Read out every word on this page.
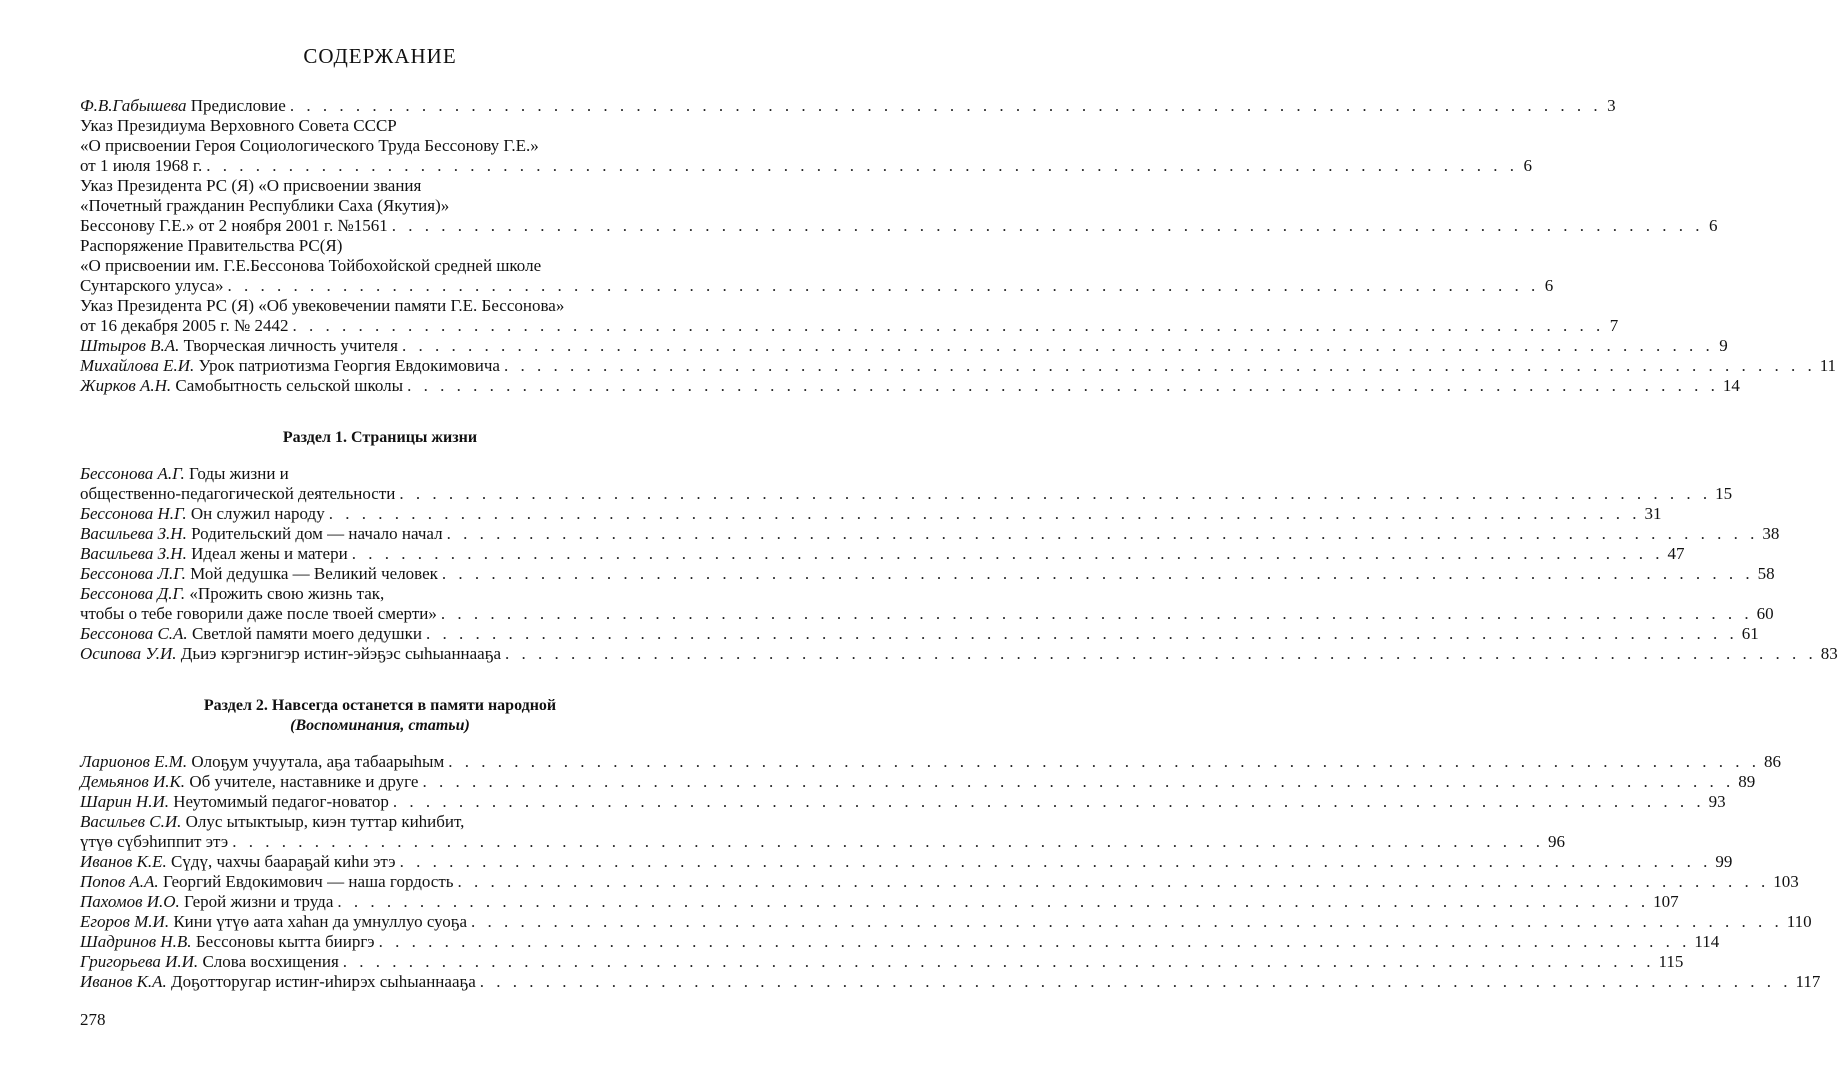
СОДЕРЖАНИЕ
Ф.В.Габышева Предисловие . . . . . . . . . . . . . . . . . . . . . . . . . . . . . . . . . . . . . . . . . . . . . . . . . . . . . . . . . . . . . . . . . . . . . . . . . . . . . . . . 3
Указ Президиума Верховного Совета СССР
«О присвоении Героя Социологического Труда Бессонову Г.Е.»
от 1 июля 1968 г. . . . . . . . . . . . . . . . . . . . . . . . . . . . . . . . . . . . . . . . . . . . . . . . . . . . . . . . . . . . . . . . . . . . . . . . . . . . . . . . . 6
Указ Президента РС (Я) «О присвоении звания
«Почетный гражданин Республики Саха (Якутия)»
Бессонову Г.Е.» от 2 ноября 2001 г. №1561 . . . . . . . . . . . . . . . . . . . . . . . . . . . . . . . . . . . . . . . . . . . . . . . . . . . . . . . . . . . . . . . . . . . . . . . . . . . . . . . . 6
Распоряжение Правительства РС(Я)
«О присвоении им. Г.Е.Бессонова Тойбохойской средней школе
Сунтарского улуса» . . . . . . . . . . . . . . . . . . . . . . . . . . . . . . . . . . . . . . . . . . . . . . . . . . . . . . . . . . . . . . . . . . . . . . . . . . . . . . . . 6
Указ Президента РС (Я) «Об увековечении памяти Г.Е. Бессонова»
от 16 декабря 2005 г. № 2442 . . . . . . . . . . . . . . . . . . . . . . . . . . . . . . . . . . . . . . . . . . . . . . . . . . . . . . . . . . . . . . . . . . . . . . . . . . . . . . . . 7
Штыров В.А. Творческая личность учителя . . . . . . . . . . . . . . . . . . . . . . . . . . . . . . . . . . . . . . . . . . . . . . . . . . . . . . . . . . . . . . . . . . . . . . . . . . . . . . . . 9
Михайлова Е.И. Урок патриотизма Георгия Евдокимовича . . . . . . . . . . . . . . . . . . . . . . . . . . . . . . . . . . . . . . . . . . . . . . . . . . . . . . . . . . . . . . . . . . . . . . . . . . . . . . . . 11
Жирков А.Н. Самобытность сельской школы . . . . . . . . . . . . . . . . . . . . . . . . . . . . . . . . . . . . . . . . . . . . . . . . . . . . . . . . . . . . . . . . . . . . . . . . . . . . . . . . 14
Раздел 1. Страницы жизни
Бессонова А.Г. Годы жизни и
общественно-педагогической деятельности . . . . . . . . . . . . . . . . . . . . . . . . . . . . . . . . . . . . . . . . . . . . . . . . . . . . . . . . . . . . . . . . . . . . . . . . . . . . . . . . 15
Бессонова Н.Г. Он служил народу . . . . . . . . . . . . . . . . . . . . . . . . . . . . . . . . . . . . . . . . . . . . . . . . . . . . . . . . . . . . . . . . . . . . . . . . . . . . . . . . 31
Васильева З.Н. Родительский дом — начало начал . . . . . . . . . . . . . . . . . . . . . . . . . . . . . . . . . . . . . . . . . . . . . . . . . . . . . . . . . . . . . . . . . . . . . . . . . . . . . . . . 38
Васильева З.Н. Идеал жены и матери . . . . . . . . . . . . . . . . . . . . . . . . . . . . . . . . . . . . . . . . . . . . . . . . . . . . . . . . . . . . . . . . . . . . . . . . . . . . . . . . 47
Бессонова Л.Г. Мой дедушка — Великий человек . . . . . . . . . . . . . . . . . . . . . . . . . . . . . . . . . . . . . . . . . . . . . . . . . . . . . . . . . . . . . . . . . . . . . . . . . . . . . . . . 58
Бессонова Д.Г. «Прожить свою жизнь так,
чтобы о тебе говорили даже после твоей смерти» . . . . . . . . . . . . . . . . . . . . . . . . . . . . . . . . . . . . . . . . . . . . . . . . . . . . . . . . . . . . . . . . . . . . . . . . . . . . . . . . 60
Бессонова С.А. Светлой памяти моего дедушки . . . . . . . . . . . . . . . . . . . . . . . . . . . . . . . . . . . . . . . . . . . . . . . . . . . . . . . . . . . . . . . . . . . . . . . . . . . . . . . . 61
Осипова У.И. Дьиэ кэргэнигэр истиҥ-эйэҕэс сыһыаннааҕа . . . . . . . . . . . . . . . . . . . . . . . . . . . . . . . . . . . . . . . . . . . . . . . . . . . . . . . . . . . . . . . . . . . . . . . . . . . . . . . . 83
Раздел 2. Навсегда останется в памяти народной
(Воспоминания, статьи)
Ларионов Е.М. Олоҕум учуутала, аҕа табаарыһым . . . . . . . . . . . . . . . . . . . . . . . . . . . . . . . . . . . . . . . . . . . . . . . . . . . . . . . . . . . . . . . . . . . . . . . . . . . . . . . . 86
Демьянов И.К. Об учителе, наставнике и друге . . . . . . . . . . . . . . . . . . . . . . . . . . . . . . . . . . . . . . . . . . . . . . . . . . . . . . . . . . . . . . . . . . . . . . . . . . . . . . . . 89
Шарин Н.И. Неутомимый педагог-новатор . . . . . . . . . . . . . . . . . . . . . . . . . . . . . . . . . . . . . . . . . . . . . . . . . . . . . . . . . . . . . . . . . . . . . . . . . . . . . . . . 93
Васильев С.И. Олус ытыктыыр, киэн туттар киһибит,
үтүө сүбэһиппит этэ . . . . . . . . . . . . . . . . . . . . . . . . . . . . . . . . . . . . . . . . . . . . . . . . . . . . . . . . . . . . . . . . . . . . . . . . . . . . . . . . 96
Иванов К.Е. Сүдү, чахчы баараҕай киһи этэ . . . . . . . . . . . . . . . . . . . . . . . . . . . . . . . . . . . . . . . . . . . . . . . . . . . . . . . . . . . . . . . . . . . . . . . . . . . . . . . . 99
Попов А.А. Георгий Евдокимович — наша гордость . . . . . . . . . . . . . . . . . . . . . . . . . . . . . . . . . . . . . . . . . . . . . . . . . . . . . . . . . . . . . . . . . . . . . . . . . . . . . . . . 103
Пахомов И.О. Герой жизни и труда . . . . . . . . . . . . . . . . . . . . . . . . . . . . . . . . . . . . . . . . . . . . . . . . . . . . . . . . . . . . . . . . . . . . . . . . . . . . . . . . 107
Егоров М.И. Кини үтүө аата хаһан да умнуллуо суоҕа . . . . . . . . . . . . . . . . . . . . . . . . . . . . . . . . . . . . . . . . . . . . . . . . . . . . . . . . . . . . . . . . . . . . . . . . . . . . . . . . 110
Шадринов Н.В. Бессоновы кытта бииргэ . . . . . . . . . . . . . . . . . . . . . . . . . . . . . . . . . . . . . . . . . . . . . . . . . . . . . . . . . . . . . . . . . . . . . . . . . . . . . . . . 114
Григорьева И.И. Слова восхищения . . . . . . . . . . . . . . . . . . . . . . . . . . . . . . . . . . . . . . . . . . . . . . . . . . . . . . . . . . . . . . . . . . . . . . . . . . . . . . . . 115
Иванов К.А. Доҕотторугар истиҥ-иһирэх сыһыаннааҕа . . . . . . . . . . . . . . . . . . . . . . . . . . . . . . . . . . . . . . . . . . . . . . . . . . . . . . . . . . . . . . . . . . . . . . . . . . . . . . . . 117
278
